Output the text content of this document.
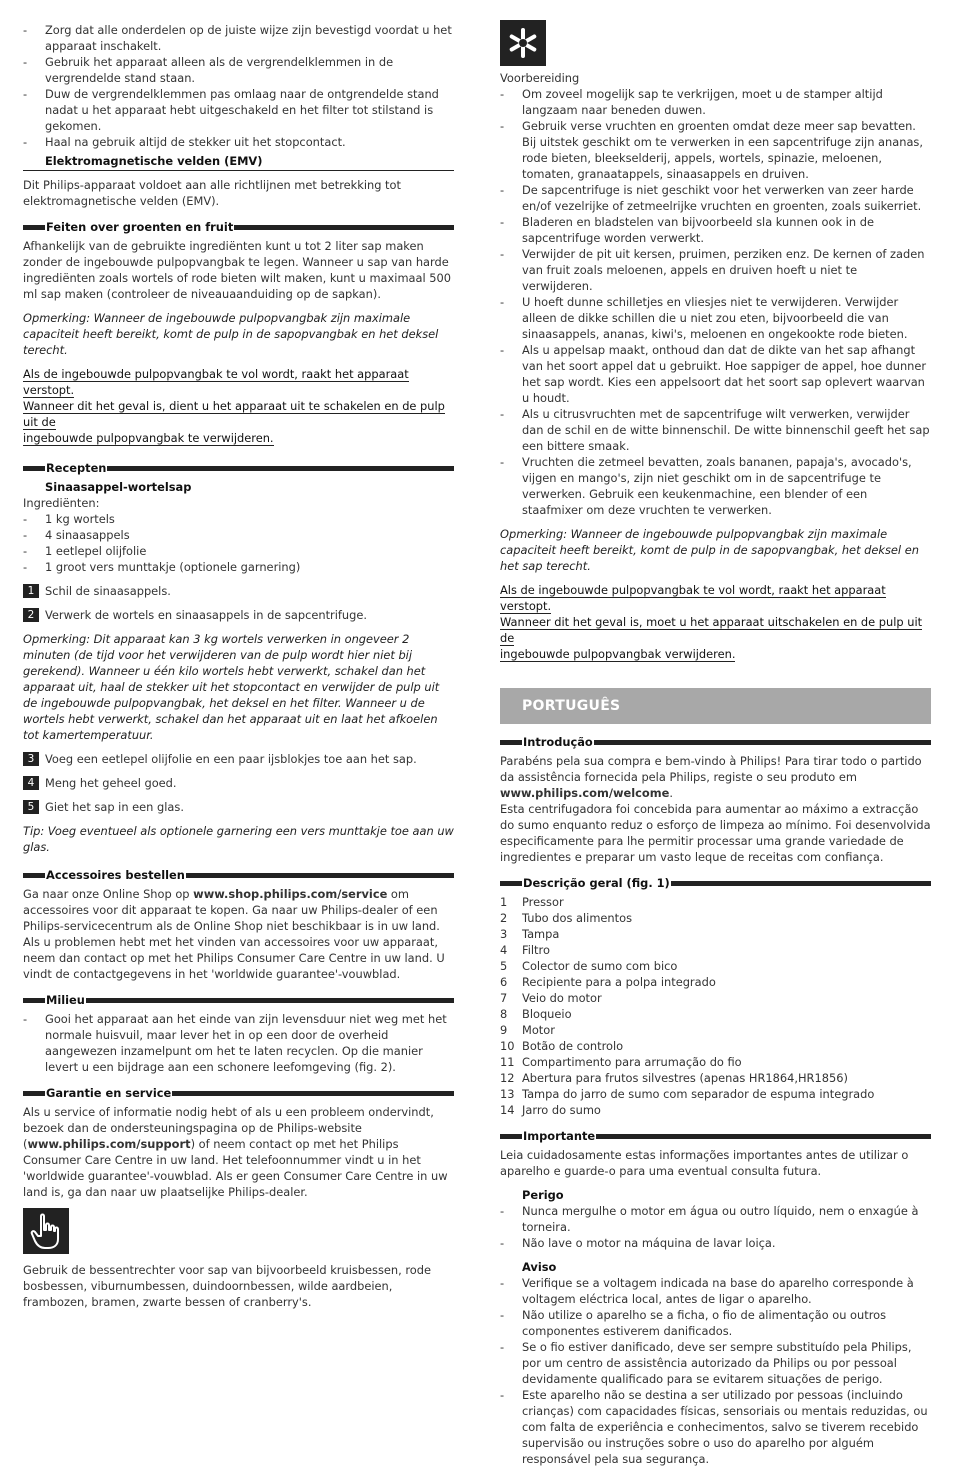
- Zorg dat alle onderdelen op de juiste wijze zijn bevestigd voordat u het apparaat inschakelt.
- Gebruik het apparaat alleen als de vergrendelklemmen in de vergrendelde stand staan.
- Duw de vergrendelklemmen pas omlaag naar de ontgrendelde stand nadat u het apparaat hebt uitgeschakeld en het filter tot stilstand is gekomen.
- Haal na gebruik altijd de stekker uit het stopcontact.
Elektromagnetische velden (EMV)

Dit Philips-apparaat voldoet aan alle richtlijnen met betrekking tot elektromagnetische velden (EMV).

Feiten over groenten en fruit

Afhankelijk van de gebruikte ingrediënten kunt u tot 2 liter sap maken zonder de ingebouwde pulpopvangbak te legen. Wanneer u sap van harde ingrediënten zoals wortels of rode bieten wilt maken, kunt u maximaal 500 ml sap maken (controleer de niveauaanduiding op de sapkan).

Opmerking: Wanneer de ingebouwde pulpopvangbak zijn maximale capaciteit heeft bereikt, komt de pulp in de sapopvangbak en het deksel terecht.

Als de ingebouwde pulpopvangbak te vol wordt, raakt het apparaat verstopt.
Wanneer dit het geval is, dient u het apparaat uit te schakelen en de pulp uit de
ingebouwde pulpopvangbak te verwijderen.

Recepten
Sinaasappel-wortelsap
Ingrediënten:
- 1 kg wortels
- 4 sinaasappels
- 1 eetlepel olijfolie
- 1 groot vers munttakje (optionele garnering)
1 Schil de sinaasappels.
2 Verwerk de wortels en sinaasappels in de sapcentrifuge.

Opmerking: Dit apparaat kan 3 kg wortels verwerken in ongeveer 2 minuten (de tijd voor het verwijderen van de pulp wordt hier niet bij gerekend). Wanneer u één kilo wortels hebt verwerkt, schakel dan het apparaat uit, haal de stekker uit het stopcontact en verwijder de pulp uit de ingebouwde pulpopvangbak, het deksel en het filter. Wanneer u de wortels hebt verwerkt, schakel dan het apparaat uit en laat het afkoelen tot kamertemperatuur.

3 Voeg een eetlepel olijfolie en een paar ijsblokjes toe aan het sap.
4 Meng het geheel goed.
5 Giet het sap in een glas.

Tip: Voeg eventueel als optionele garnering een vers munttakje toe aan uw glas.

Accessoires bestellen

Ga naar onze Online Shop op www.shop.philips.com/service om accessoires voor dit apparaat te kopen. Ga naar uw Philips-dealer of een Philips-servicecentrum als de Online Shop niet beschikbaar is in uw land. Als u problemen hebt met het vinden van accessoires voor uw apparaat, neem dan contact op met het Philips Consumer Care Centre in uw land. U vindt de contactgegevens in het 'worldwide guarantee'-vouwblad.

Milieu
- Gooi het apparaat aan het einde van zijn levensduur niet weg met het normale huisvuil, maar lever het in op een door de overheid aangewezen inzamelpunt om het te laten recyclen. Op die manier levert u een bijdrage aan een schonere leefomgeving (fig. 2).
Garantie en service

Als u service of informatie nodig hebt of als u een probleem ondervindt, bezoek dan de ondersteuningspagina op de Philips-website (www.philips.com/support) of neem contact op met het Philips Consumer Care Centre in uw land. Het telefoonnummer vindt u in het 'worldwide guarantee'-vouwblad. Als er geen Consumer Care Centre in uw land is, ga dan naar uw plaatselijke Philips-dealer.

Gebruik de bessentrechter voor sap van bijvoorbeeld kruisbessen, rode bosbessen, viburnumbessen, duindoornbessen, wilde aardbeien, frambozen, bramen, zwarte bessen of cranberry's.

Voorbereiding
- Om zoveel mogelijk sap te verkrijgen, moet u de stamper altijd langzaam naar beneden duwen.
- Gebruik verse vruchten en groenten omdat deze meer sap bevatten. Bij uitstek geschikt om te verwerken in een sapcentrifuge zijn ananas, rode bieten, bleekselderij, appels, wortels, spinazie, meloenen, tomaten, granaatappels, sinaasappels en druiven.
- De sapcentrifuge is niet geschikt voor het verwerken van zeer harde en/of vezelrijke of zetmeelrijke vruchten en groenten, zoals suikerriet.
- Bladeren en bladstelen van bijvoorbeeld sla kunnen ook in de sapcentrifuge worden verwerkt.
- Verwijder de pit uit kersen, pruimen, perziken enz. De kernen of zaden van fruit zoals meloenen, appels en druiven hoeft u niet te verwijderen.
- U hoeft dunne schilletjes en vliesjes niet te verwijderen. Verwijder alleen de dikke schillen die u niet zou eten, bijvoorbeeld die van sinaasappels, ananas, kiwi's, meloenen en ongekookte rode bieten.
- Als u appelsap maakt, onthoud dan dat de dikte van het sap afhangt van het soort appel dat u gebruikt. Hoe sappiger de appel, hoe dunner het sap wordt. Kies een appelsoort dat het soort sap oplevert waarvan u houdt.
- Als u citrusvruchten met de sapcentrifuge wilt verwerken, verwijder dan de schil en de witte binnenschil. De witte binnenschil geeft het sap een bittere smaak.
- Vruchten die zetmeel bevatten, zoals bananen, papaja's, avocado's, vijgen en mango's, zijn niet geschikt om in de sapcentrifuge te verwerken. Gebruik een keukenmachine, een blender of een staafmixer om deze vruchten te verwerken.

Opmerking: Wanneer de ingebouwde pulpopvangbak zijn maximale capaciteit heeft bereikt, komt de pulp in de sapopvangbak, het deksel en het sap terecht.

Als de ingebouwde pulpopvangbak te vol wordt, raakt het apparaat verstopt.
Wanneer dit het geval is, moet u het apparaat uitschakelen en de pulp uit de
ingebouwde pulpopvangbak verwijderen.

PORTUGUÊS
Introdução

Parabéns pela sua compra e bem-vindo à Philips! Para tirar todo o partido da assistência fornecida pela Philips, registe o seu produto em www.philips.com/welcome.

Esta centrifugadora foi concebida para aumentar ao máximo a extracção do sumo enquanto reduz o esforço de limpeza ao mínimo. Foi desenvolvida especificamente para lhe permitir processar uma grande variedade de ingredientes e preparar um vasto leque de receitas com confiança.

Descrição geral (fig. 1)
1 Pressor
2 Tubo dos alimentos
3 Tampa
4 Filtro
5 Colector de sumo com bico
6 Recipiente para a polpa integrado
7 Veio do motor
8 Bloqueio
9 Motor
10 Botão de controlo
11 Compartimento para arrumação do fio
12 Abertura para frutos silvestres (apenas HR1864,HR1856)
13 Tampa do jarro de sumo com separador de espuma integrado
14 Jarro do sumo
Importante

Leia cuidadosamente estas informações importantes antes de utilizar o aparelho e guarde-o para uma eventual consulta futura.

Perigo
- Nunca mergulhe o motor em água ou outro líquido, nem o enxagúe à torneira.
- Não lave o motor na máquina de lavar loiça.
Aviso
- Verifique se a voltagem indicada na base do aparelho corresponde à voltagem eléctrica local, antes de ligar o aparelho.
- Não utilize o aparelho se a ficha, o fio de alimentação ou outros componentes estiverem danificados.
- Se o fio estiver danificado, deve ser sempre substituído pela Philips, por um centro de assistência autorizado da Philips ou por pessoal devidamente qualificado para se evitarem situações de perigo.
- Este aparelho não se destina a ser utilizado por pessoas (incluindo crianças) com capacidades físicas, sensoriais ou mentais reduzidas, ou com falta de experiência e conhecimentos, salvo se tiverem recebido supervisão ou instruções sobre o uso do aparelho por alguém responsável pela sua segurança.
